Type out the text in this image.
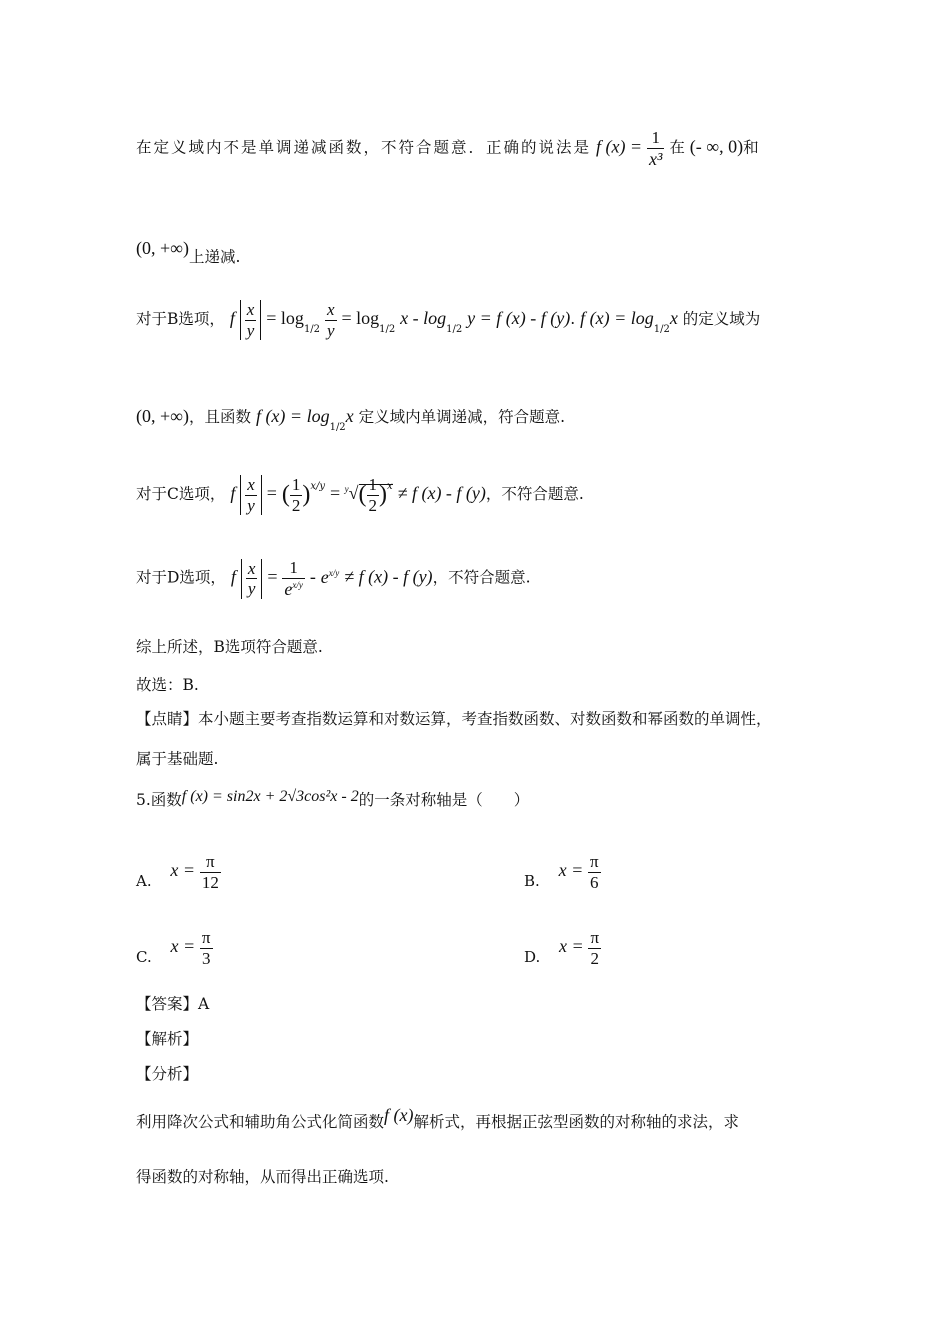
在定义域内不是单调递减函数，不符合题意．正确的说法是 f $(x) = \frac{1}{\text{x³}}$ 在 (- ∞, 0)和
(0, +∞)上递减.
对于B选项， f $\frac{x}{y} = \log_{1/2} \frac{x}{y} = \log_{1/2} x - \log_{1/2} y = f$ (x) - f (y). f $(x) = \log_{1/2}x$ 的定义域为
(0, +∞)，且函数 f $(x) = \log_{1/2}x$ 定义域内单调递减，符合题意.
对于C选项， f $\frac{x}{y}$ = ( $\frac{1}{2} )^{x/y} = ^y√( \frac{1}{2} )^x \ne f$ (x) - f (y)，不符合题意.
对于D选项， f $\frac{x}{y} = \frac{1}{e^{x/y}} - e^{x/y} \ne f$ (x) - f (y)，不符合题意.
综上所述，B选项符合题意.
故选：B.
【点睛】本小题主要考查指数运算和对数运算，考查指数函数、对数函数和幂函数的单调性，
属于基础题.
5.函数f (x) = sin2x + 2√3cos²x - 2的一条对称轴是（　　）
A. $x = \frac{\pi}{12}$	B. $x = \frac{\pi}{6}$
C. $x = \frac{\pi}{3}$	D. $x = \frac{\pi}{2}$
【答案】A
【解析】
【分析】
利用降次公式和辅助角公式化简函数f (x)解析式，再根据正弦型函数的对称轴的求法，求
得函数的对称轴，从而得出正确选项.
